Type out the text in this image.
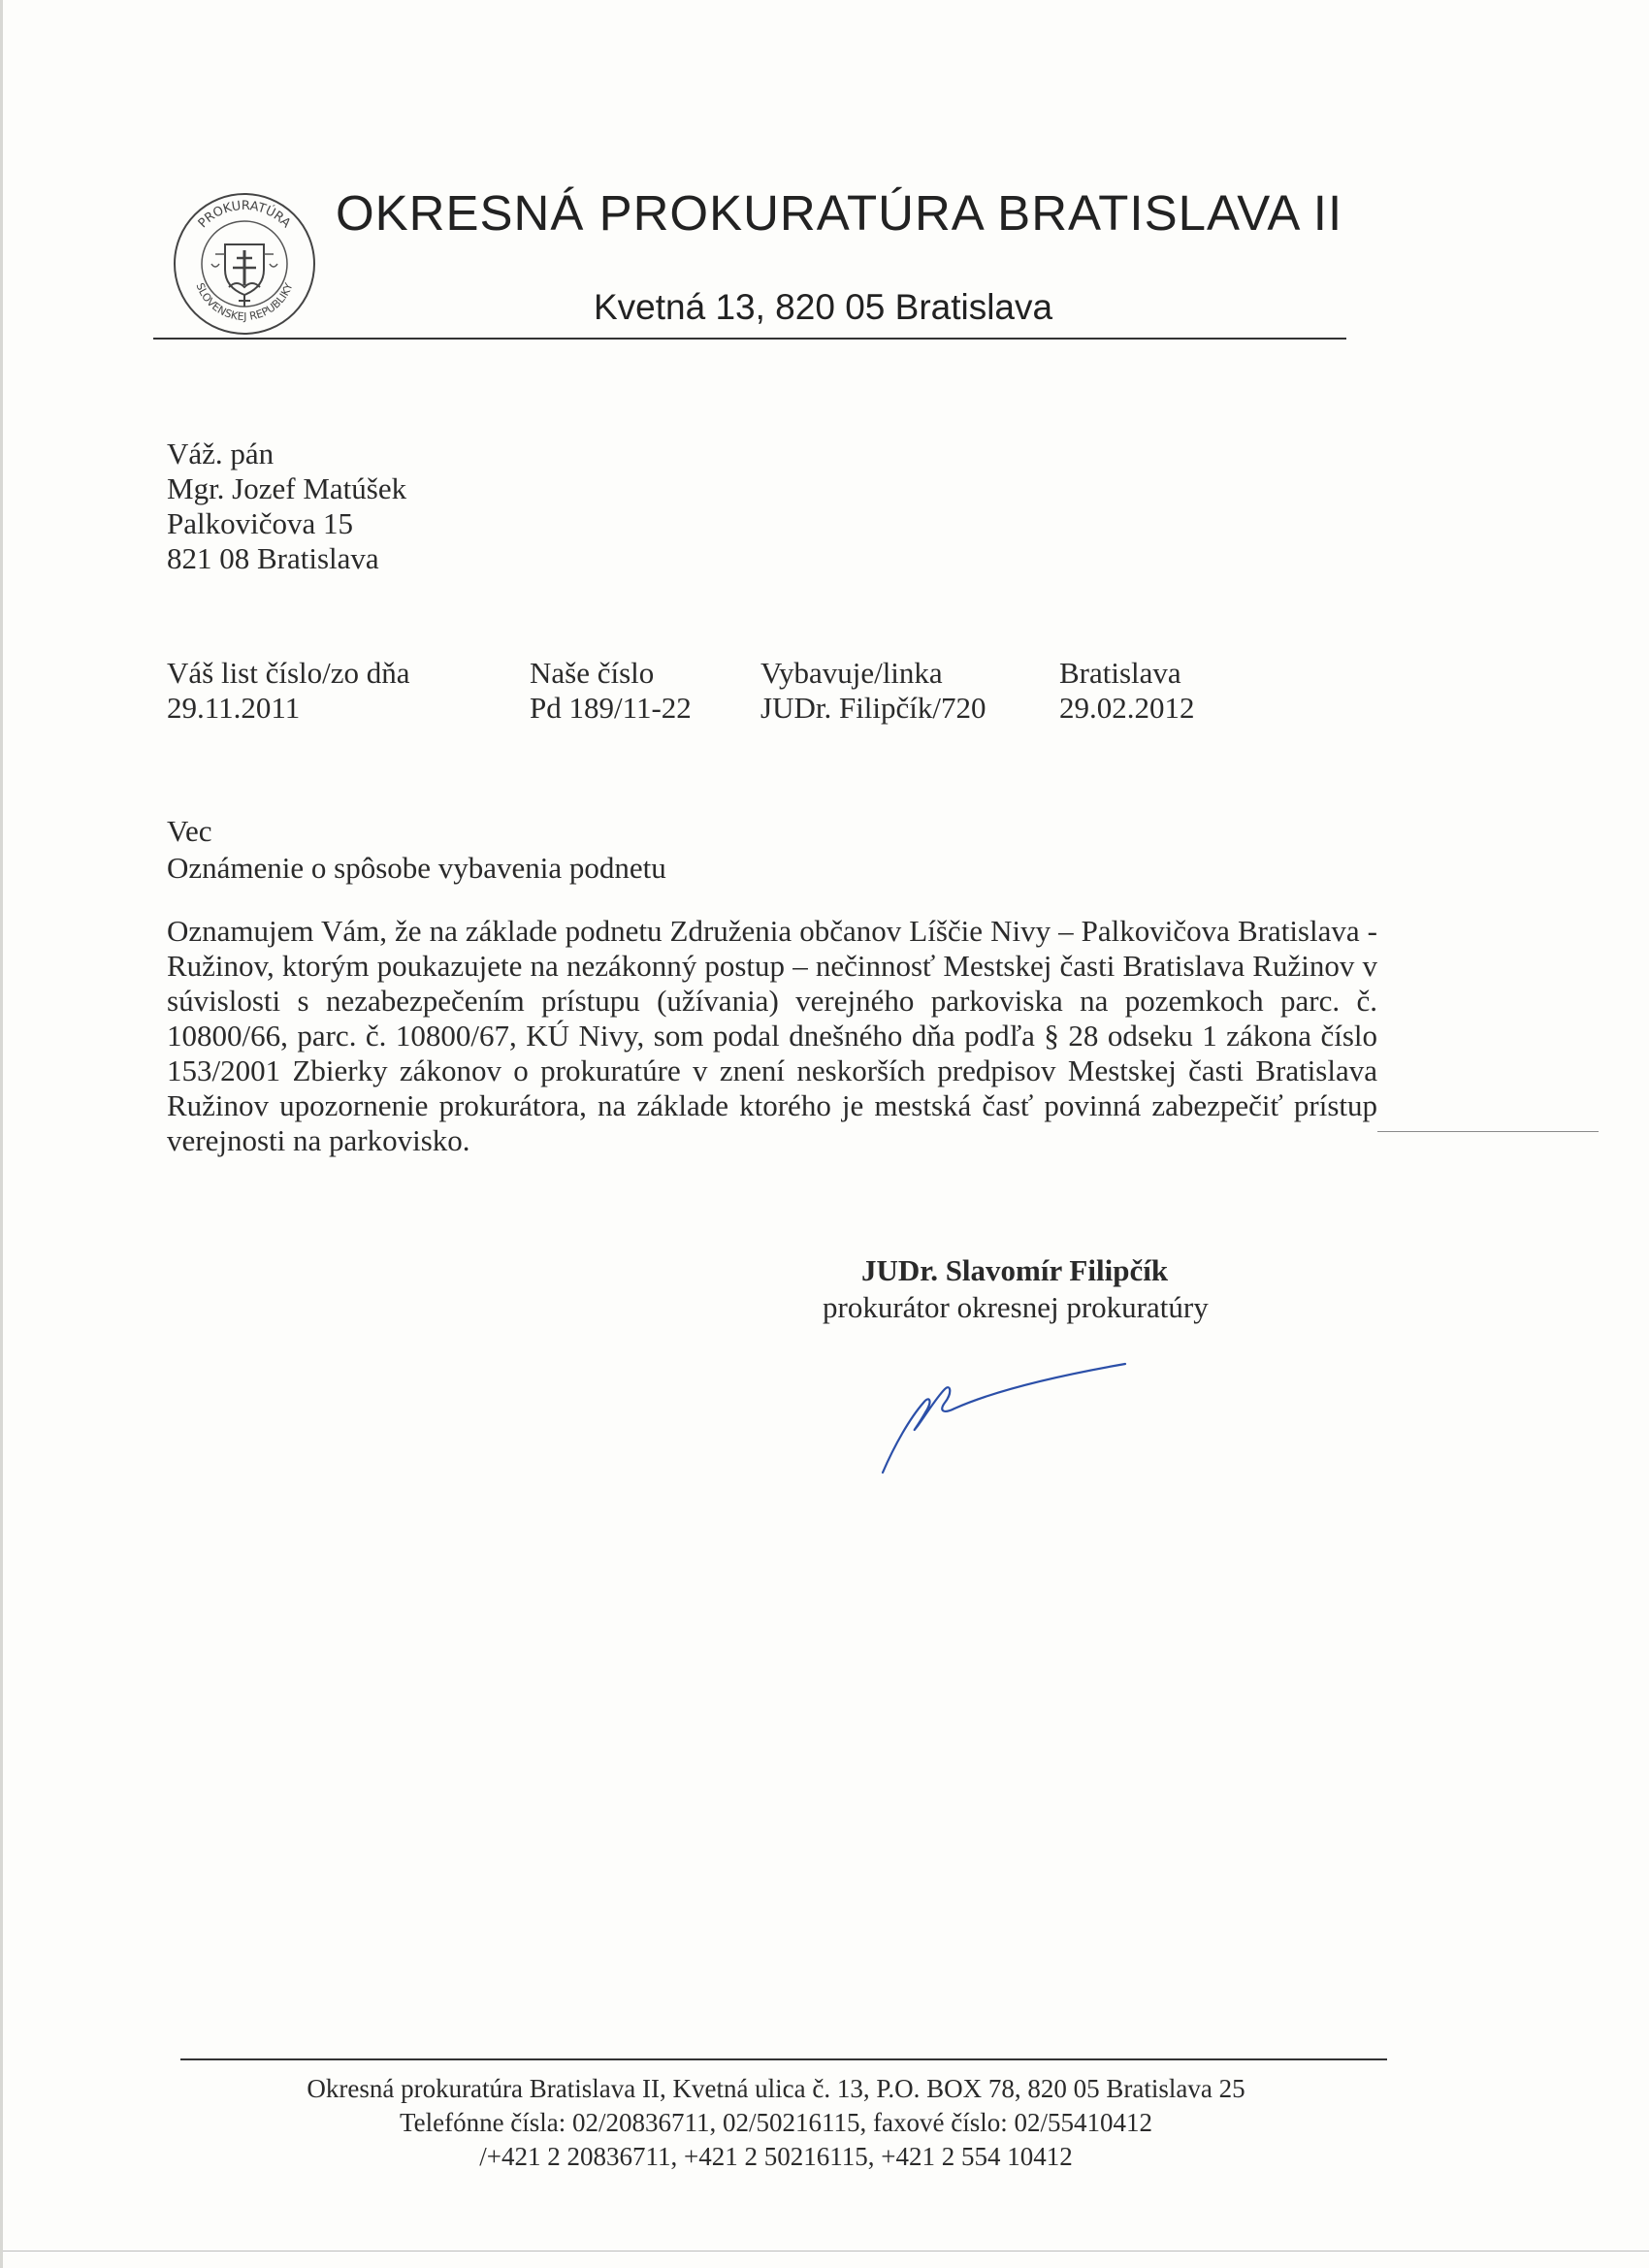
PROKURATÚRA
SLOVENSKEJ REPUBLIKY
OKRESNÁ PROKURATÚRA BRATISLAVA II
Kvetná 13, 820 05 Bratislava
Váž. pán
Mgr. Jozef Matúšek
Palkovičova 15
821 08 Bratislava
Váš list číslo/zo dňa
29.11.2011
Naše číslo
Pd 189/11-22
Vybavuje/linka
JUDr. Filipčík/720
Bratislava
29.02.2012
Vec
Oznámenie o spôsobe vybavenia podnetu
Oznamujem Vám, že na základe podnetu Združenia občanov Líščie Nivy – Palkovičova Bratislava - Ružinov, ktorým poukazujete na nezákonný postup – nečinnosť Mestskej časti Bratislava Ružinov v súvislosti s nezabezpečením prístupu (užívania) verejného parkoviska na pozemkoch parc. č. 10800/66, parc. č. 10800/67, KÚ Nivy, som podal dnešného dňa podľa § 28 odseku 1 zákona číslo 153/2001 Zbierky zákonov o prokuratúre v znení neskorších predpisov Mestskej časti Bratislava Ružinov upozornenie prokurátora, na základe ktorého je mestská časť povinná zabezpečiť prístup verejnosti na parkovisko.
JUDr. Slavomír Filipčík
prokurátor okresnej prokuratúry
Okresná prokuratúra Bratislava II, Kvetná ulica č. 13, P.O. BOX 78, 820 05 Bratislava 25
Telefónne čísla: 02/20836711, 02/50216115, faxové číslo: 02/55410412
/+421 2 20836711, +421 2 50216115, +421 2 554 10412
